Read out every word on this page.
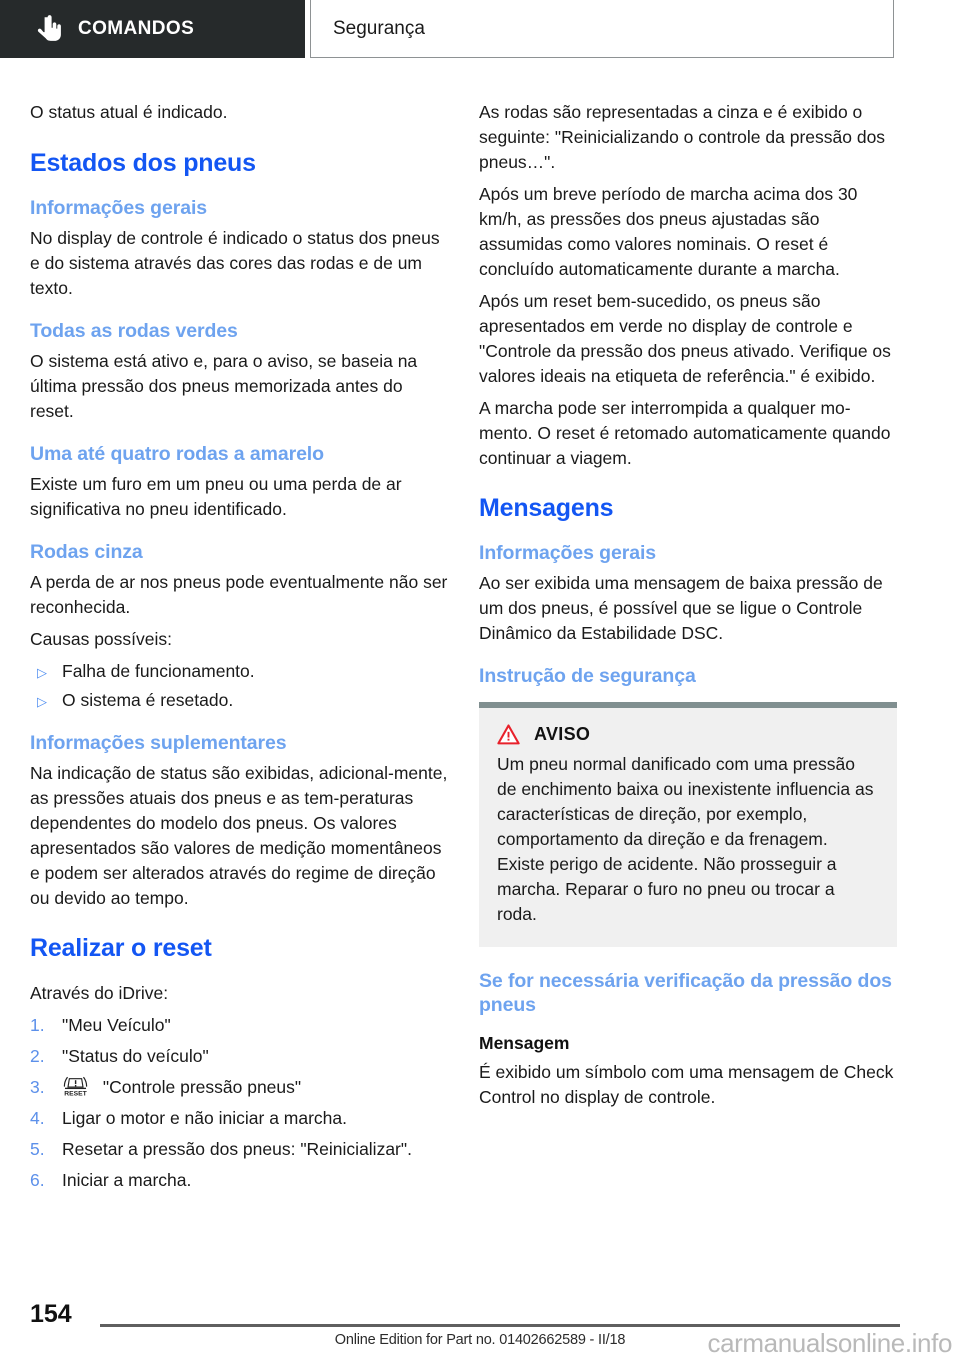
COMANDOS	Segurança

O status atual é indicado.

Estados dos pneus
Informações gerais

No display de controle é indicado o status dos pneus e do sistema através das cores das rodas e de um texto.

Todas as rodas verdes

O sistema está ativo e, para o aviso, se baseia na última pressão dos pneus memorizada antes do reset.

Uma até quatro rodas a amarelo

Existe um furo em um pneu ou uma perda de ar significativa no pneu identificado.

Rodas cinza

A perda de ar nos pneus pode eventualmente não ser reconhecida.

Causas possíveis:

▷ Falha de funcionamento.
▷ O sistema é resetado.
Informações suplementares

Na indicação de status são exibidas, adicional-mente, as pressões atuais dos pneus e as tem-peraturas dependentes do modelo dos pneus. Os valores apresentados são valores de medição momentâneos e podem ser alterados através do regime de direção ou devido ao tempo.

Realizar o reset

Através do iDrive:

1. "Meu Veículo"
2. "Status do veículo"
3. RESET "Controle pressão pneus"
4. Ligar o motor e não iniciar a marcha.
5. Resetar a pressão dos pneus: "Reinicializar".
6. Iniciar a marcha.

As rodas são representadas a cinza e é exibido o seguinte: "Reinicializando o controle da pressão dos pneus…".

Após um breve período de marcha acima dos 30 km/h, as pressões dos pneus ajustadas são assumidas como valores nominais. O reset é concluído automaticamente durante a marcha.

Após um reset bem-sucedido, os pneus são apresentados em verde no display de controle e "Controle da pressão dos pneus ativado. Verifique os valores ideais na etiqueta de referência." é exibido.

A marcha pode ser interrompida a qualquer mo-mento. O reset é retomado automaticamente quando continuar a viagem.

Mensagens
Informações gerais

Ao ser exibida uma mensagem de baixa pressão de um dos pneus, é possível que se ligue o Controle Dinâmico da Estabilidade DSC.

Instrução de segurança
AVISO

Um pneu normal danificado com uma pressão de enchimento baixa ou inexistente influencia as características de direção, por exemplo, comportamento da direção e da frenagem. Existe perigo de acidente. Não prosseguir a marcha. Reparar o furo no pneu ou trocar a roda.

Se for necessária verificação da pressão dos pneus
Mensagem

É exibido um símbolo com uma mensagem de Check Control no display de controle.

154
Online Edition for Part no. 01402662589 - II/18	carmanualsonline.info
